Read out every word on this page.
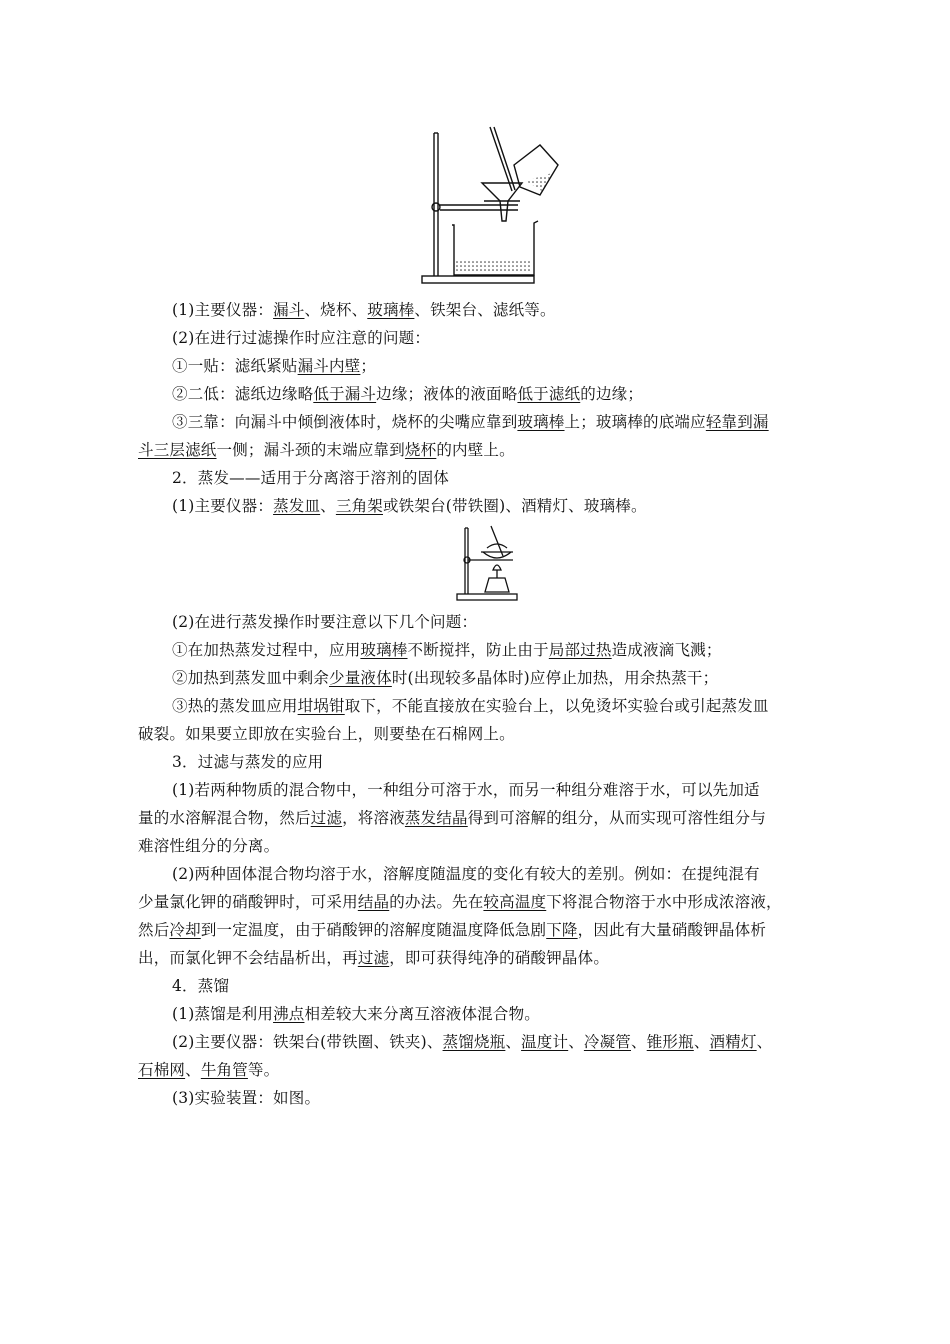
(1)主要仪器：漏斗、烧杯、玻璃棒、铁架台、滤纸等。
(2)在进行过滤操作时应注意的问题：
①一贴：滤纸紧贴漏斗内壁；
②二低：滤纸边缘略低于漏斗边缘；液体的液面略低于滤纸的边缘；
③三靠：向漏斗中倾倒液体时，烧杯的尖嘴应靠到玻璃棒上；玻璃棒的底端应轻靠到漏
斗三层滤纸一侧；漏斗颈的末端应靠到烧杯的内壁上。
2．蒸发——适用于分离溶于溶剂的固体
(1)主要仪器：蒸发皿、三角架或铁架台(带铁圈)、酒精灯、玻璃棒。
(2)在进行蒸发操作时要注意以下几个问题：
①在加热蒸发过程中，应用玻璃棒不断搅拌，防止由于局部过热造成液滴飞溅；
②加热到蒸发皿中剩余少量液体时(出现较多晶体时)应停止加热，用余热蒸干；
③热的蒸发皿应用坩埚钳取下，不能直接放在实验台上，以免烫坏实验台或引起蒸发皿
破裂。如果要立即放在实验台上，则要垫在石棉网上。
3．过滤与蒸发的应用
(1)若两种物质的混合物中，一种组分可溶于水，而另一种组分难溶于水，可以先加适
量的水溶解混合物，然后过滤，将溶液蒸发结晶得到可溶解的组分，从而实现可溶性组分与
难溶性组分的分离。
(2)两种固体混合物均溶于水，溶解度随温度的变化有较大的差别。例如：在提纯混有
少量氯化钾的硝酸钾时，可采用结晶的办法。先在较高温度下将混合物溶于水中形成浓溶液，
然后冷却到一定温度，由于硝酸钾的溶解度随温度降低急剧下降，因此有大量硝酸钾晶体析
出，而氯化钾不会结晶析出，再过滤，即可获得纯净的硝酸钾晶体。
4．蒸馏
(1)蒸馏是利用沸点相差较大来分离互溶液体混合物。
(2)主要仪器：铁架台(带铁圈、铁夹)、蒸馏烧瓶、温度计、冷凝管、锥形瓶、酒精灯、
石棉网、牛角管等。
(3)实验装置：如图。
